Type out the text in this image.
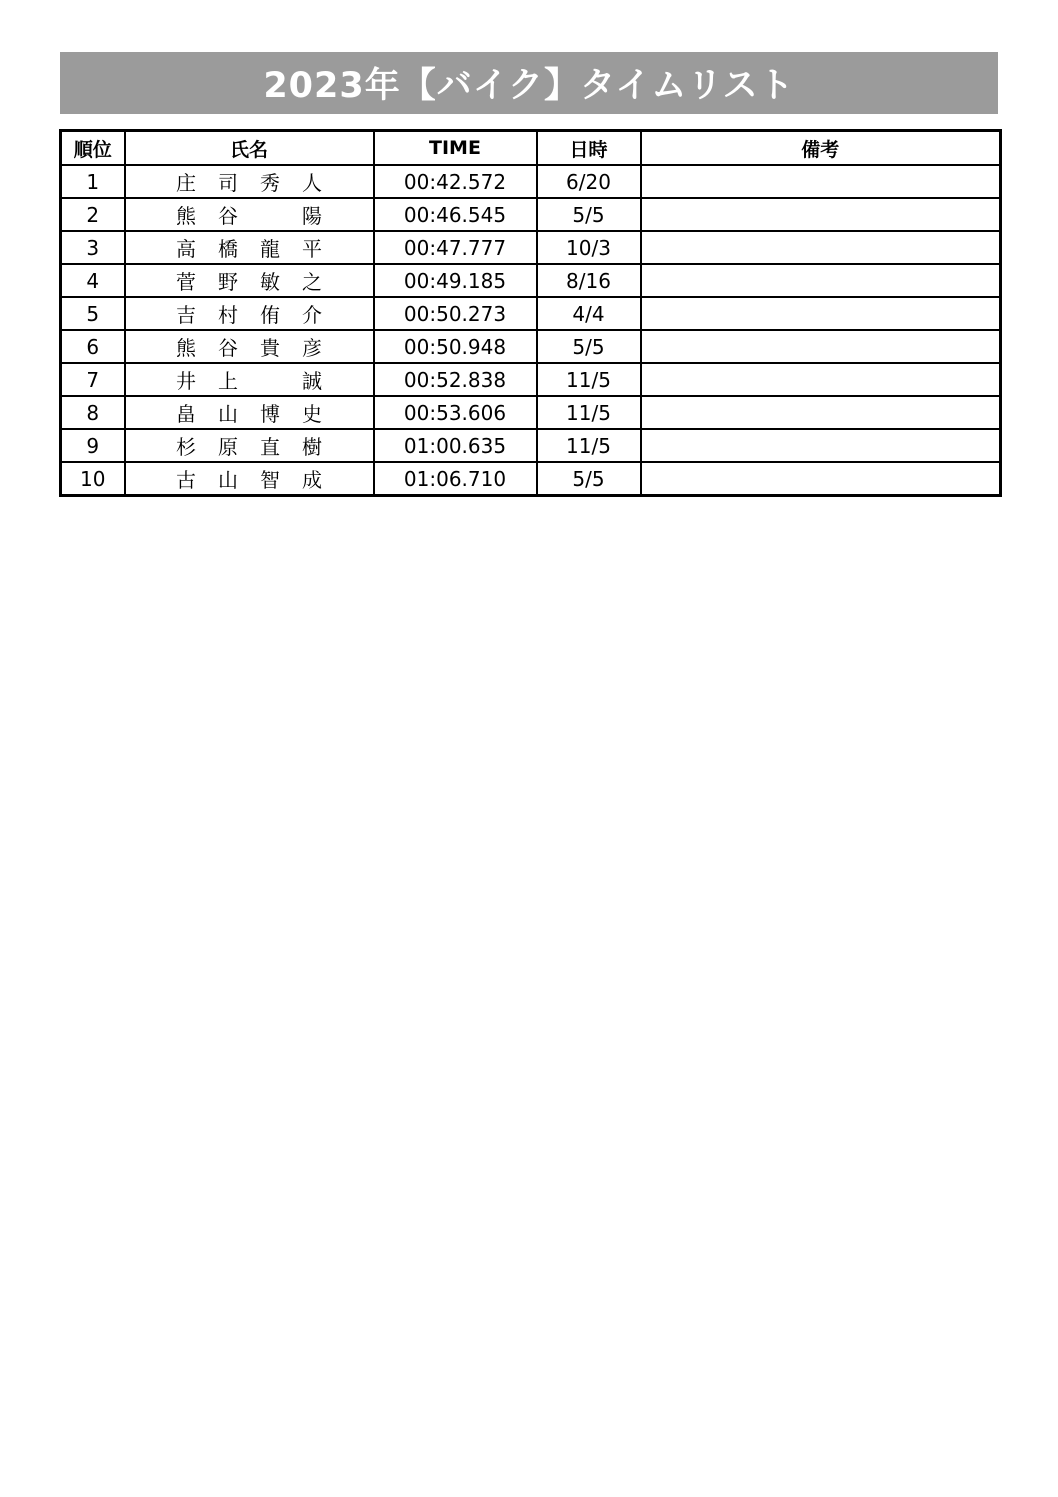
2023年【バイク】タイムリスト
順位	氏名	TIME	日時	備考
1	庄 司 秀 人	00:42.572	6/20	
2	熊 谷 陽	00:46.545	5/5	
3	高 橋 龍 平	00:47.777	10/3	
4	菅 野 敏 之	00:49.185	8/16	
5	吉 村 侑 介	00:50.273	4/4	
6	熊 谷 貴 彦	00:50.948	5/5	
7	井 上 誠	00:52.838	11/5	
8	畠 山 博 史	00:53.606	11/5	
9	杉 原 直 樹	01:00.635	11/5	
10	古 山 智 成	01:06.710	5/5	
